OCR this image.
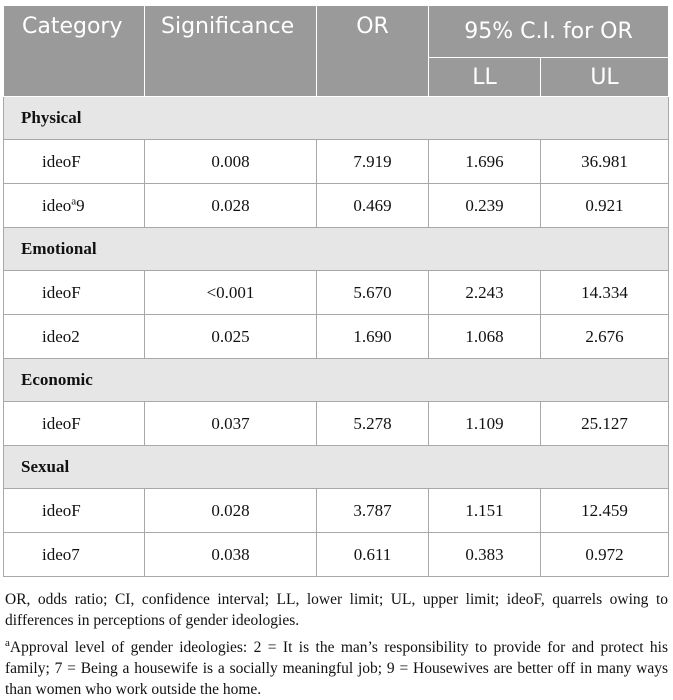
Category	Significance	OR	95% C.I. for OR	
			LL	UL
Physical				
ideoF	0.008	7.919	1.696	36.981
ideo$^a$9	0.028	0.469	0.239	0.921
Emotional				
ideoF	<0.001	5.670	2.243	14.334
ideo2	0.025	1.690	1.068	2.676
Economic				
ideoF	0.037	5.278	1.109	25.127
Sexual				
ideoF	0.028	3.787	1.151	12.459
ideo7	0.038	0.611	0.383	0.972

OR, odds ratio; CI, confidence interval; LL, lower limit; UL, upper limit; ideoF, quarrels owing to differences in perceptions of gender ideologies.

$^a$Approval level of gender ideologies: 2 = It is the man’s responsibility to provide for and protect his family; 7 = Being a housewife is a socially meaningful job; 9 = Housewives are better off in many ways than women who work outside the home.
